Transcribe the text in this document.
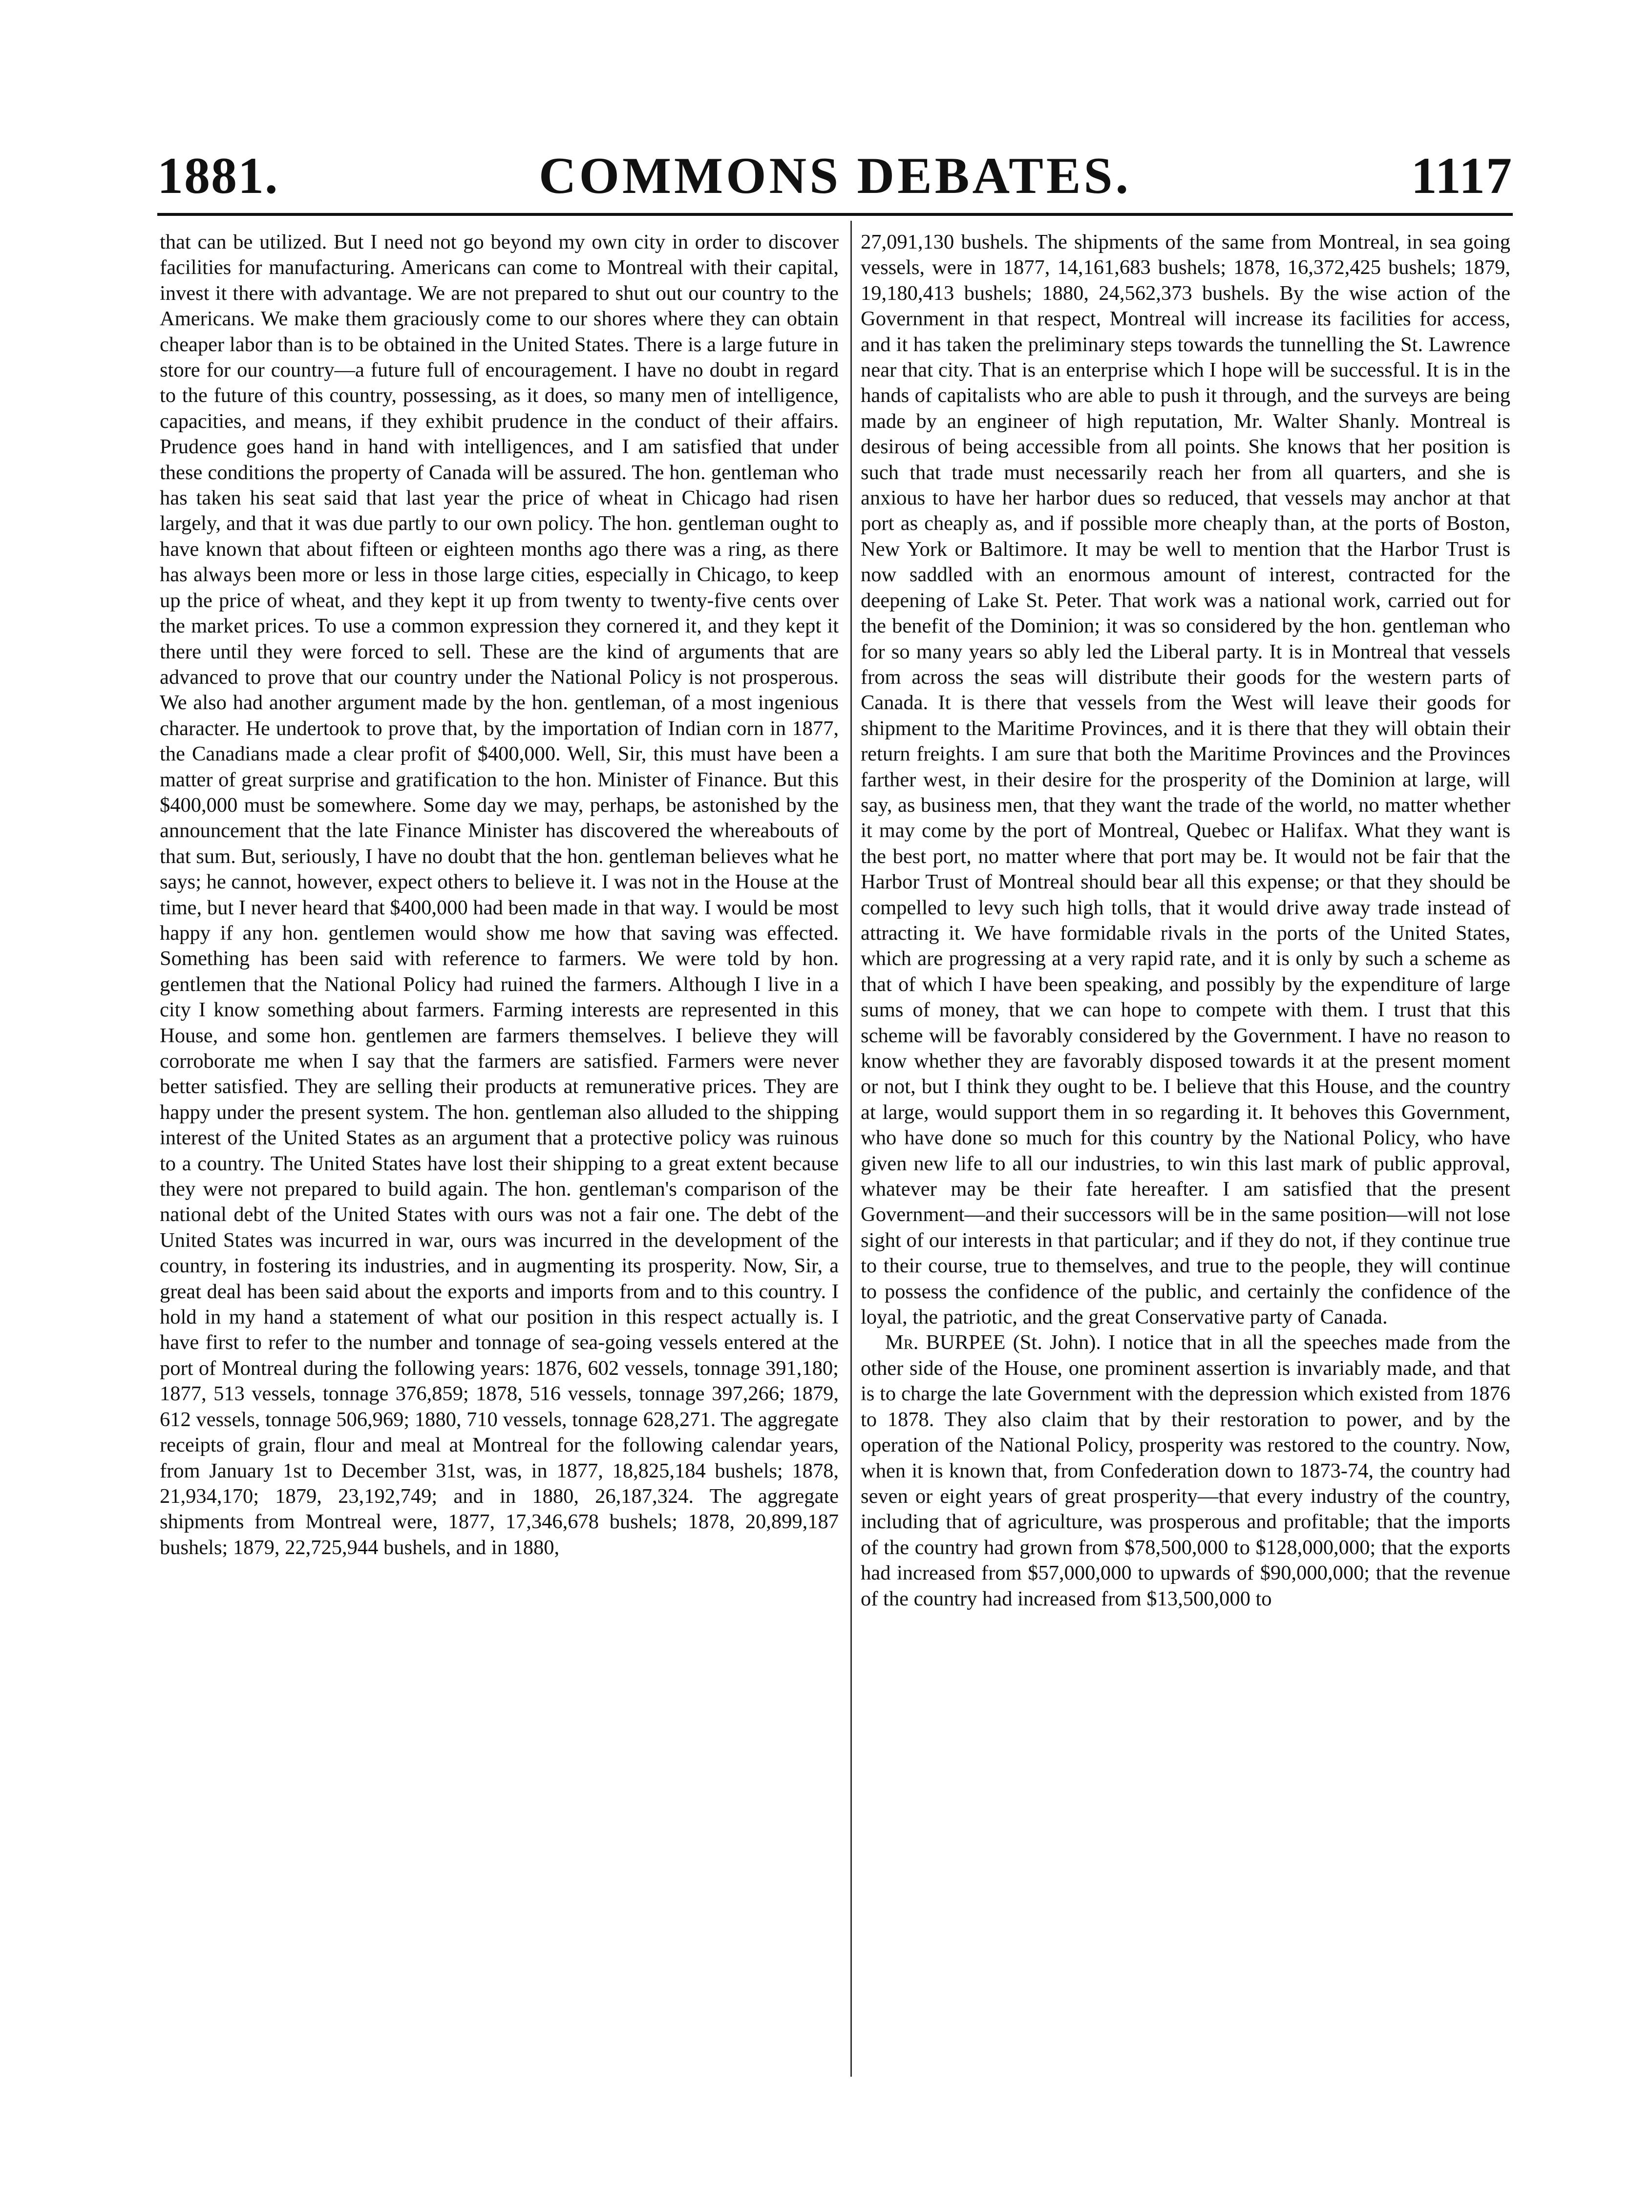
1881.	COMMONS DEBATES.	1117

that can be utilized. But I need not go beyond my own city in order to discover facilities for manufacturing. Americans can come to Montreal with their capital, invest it there with advantage. We are not prepared to shut out our country to the Americans. We make them graciously come to our shores where they can obtain cheaper labor than is to be obtained in the United States. There is a large future in store for our country—a future full of encouragement. I have no doubt in regard to the future of this country, possessing, as it does, so many men of intelligence, capacities, and means, if they exhibit prudence in the conduct of their affairs. Prudence goes hand in hand with intelligences, and I am satisfied that under these conditions the property of Canada will be assured. The hon. gentleman who has taken his seat said that last year the price of wheat in Chicago had risen largely, and that it was due partly to our own policy. The hon. gentleman ought to have known that about fifteen or eighteen months ago there was a ring, as there has always been more or less in those large cities, especially in Chicago, to keep up the price of wheat, and they kept it up from twenty to twenty-five cents over the market prices. To use a common expression they cornered it, and they kept it there until they were forced to sell. These are the kind of arguments that are advanced to prove that our country under the National Policy is not prosperous. We also had another argument made by the hon. gentleman, of a most ingenious character. He undertook to prove that, by the importation of Indian corn in 1877, the Canadians made a clear profit of $400,000. Well, Sir, this must have been a matter of great surprise and gratification to the hon. Minister of Finance. But this $400,000 must be somewhere. Some day we may, perhaps, be astonished by the announcement that the late Finance Minister has discovered the whereabouts of that sum. But, seriously, I have no doubt that the hon. gentleman believes what he says; he cannot, however, expect others to believe it. I was not in the House at the time, but I never heard that $400,000 had been made in that way. I would be most happy if any hon. gentlemen would show me how that saving was effected. Something has been said with reference to farmers. We were told by hon. gentlemen that the National Policy had ruined the farmers. Although I live in a city I know something about farmers. Farming interests are represented in this House, and some hon. gentlemen are farmers themselves. I believe they will corroborate me when I say that the farmers are satisfied. Farmers were never better satisfied. They are selling their products at remunerative prices. They are happy under the present system. The hon. gentleman also alluded to the shipping interest of the United States as an argument that a protective policy was ruinous to a country. The United States have lost their shipping to a great extent because they were not prepared to build again. The hon. gentleman's comparison of the national debt of the United States with ours was not a fair one. The debt of the United States was incurred in war, ours was incurred in the development of the country, in fostering its industries, and in augmenting its prosperity. Now, Sir, a great deal has been said about the exports and imports from and to this country. I hold in my hand a statement of what our position in this respect actually is. I have first to refer to the number and tonnage of sea-going vessels entered at the port of Montreal during the following years: 1876, 602 vessels, tonnage 391,180; 1877, 513 vessels, tonnage 376,859; 1878, 516 vessels, tonnage 397,266; 1879, 612 vessels, tonnage 506,969; 1880, 710 vessels, tonnage 628,271. The aggregate receipts of grain, flour and meal at Montreal for the following calendar years, from January 1st to December 31st, was, in 1877, 18,825,184 bushels; 1878, 21,934,170; 1879, 23,192,749; and in 1880, 26,187,324. The aggregate shipments from Montreal were, 1877, 17,346,678 bushels; 1878, 20,899,187 bushels; 1879, 22,725,944 bushels, and in 1880,

27,091,130 bushels. The shipments of the same from Montreal, in sea going vessels, were in 1877, 14,161,683 bushels; 1878, 16,372,425 bushels; 1879, 19,180,413 bushels; 1880, 24,562,373 bushels. By the wise action of the Government in that respect, Montreal will increase its facilities for access, and it has taken the preliminary steps towards the tunnelling the St. Lawrence near that city. That is an enterprise which I hope will be successful. It is in the hands of capitalists who are able to push it through, and the surveys are being made by an engineer of high reputation, Mr. Walter Shanly. Montreal is desirous of being accessible from all points. She knows that her position is such that trade must necessarily reach her from all quarters, and she is anxious to have her harbor dues so reduced, that vessels may anchor at that port as cheaply as, and if possible more cheaply than, at the ports of Boston, New York or Baltimore. It may be well to mention that the Harbor Trust is now saddled with an enormous amount of interest, contracted for the deepening of Lake St. Peter. That work was a national work, carried out for the benefit of the Dominion; it was so considered by the hon. gentleman who for so many years so ably led the Liberal party. It is in Montreal that vessels from across the seas will distribute their goods for the western parts of Canada. It is there that vessels from the West will leave their goods for shipment to the Maritime Provinces, and it is there that they will obtain their return freights. I am sure that both the Maritime Provinces and the Provinces farther west, in their desire for the prosperity of the Dominion at large, will say, as business men, that they want the trade of the world, no matter whether it may come by the port of Montreal, Quebec or Halifax. What they want is the best port, no matter where that port may be. It would not be fair that the Harbor Trust of Montreal should bear all this expense; or that they should be compelled to levy such high tolls, that it would drive away trade instead of attracting it. We have formidable rivals in the ports of the United States, which are progressing at a very rapid rate, and it is only by such a scheme as that of which I have been speaking, and possibly by the expenditure of large sums of money, that we can hope to compete with them. I trust that this scheme will be favorably considered by the Government. I have no reason to know whether they are favorably disposed towards it at the present moment or not, but I think they ought to be. I believe that this House, and the country at large, would support them in so regarding it. It behoves this Government, who have done so much for this country by the National Policy, who have given new life to all our industries, to win this last mark of public approval, whatever may be their fate hereafter. I am satisfied that the present Government—and their successors will be in the same position—will not lose sight of our interests in that particular; and if they do not, if they continue true to their course, true to themselves, and true to the people, they will continue to possess the confidence of the public, and certainly the confidence of the loyal, the patriotic, and the great Conservative party of Canada.

Mr. BURPEE (St. John). I notice that in all the speeches made from the other side of the House, one prominent assertion is invariably made, and that is to charge the late Government with the depression which existed from 1876 to 1878. They also claim that by their restoration to power, and by the operation of the National Policy, prosperity was restored to the country. Now, when it is known that, from Confederation down to 1873-74, the country had seven or eight years of great prosperity—that every industry of the country, including that of agriculture, was prosperous and profitable; that the imports of the country had grown from $78,500,000 to $128,000,000; that the exports had increased from $57,000,000 to upwards of $90,000,000; that the revenue of the country had increased from $13,500,000 to
